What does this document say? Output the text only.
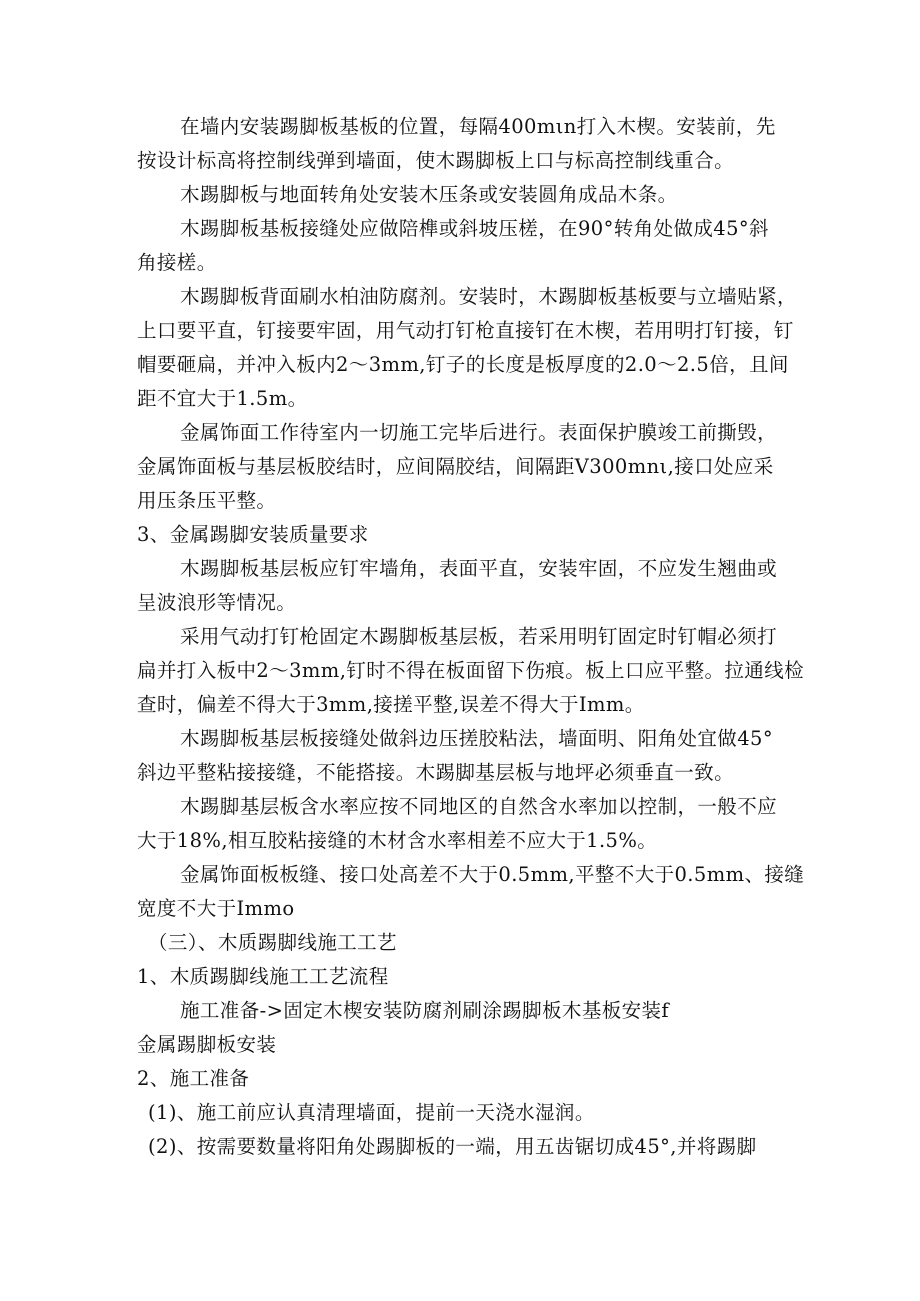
在墙内安装踢脚板基板的位置，每隔400mιn打入木楔。安装前，先
按设计标高将控制线弹到墙面，使木踢脚板上口与标高控制线重合。
木踢脚板与地面转角处安装木压条或安装圆角成品木条。
木踢脚板基板接缝处应做陪榫或斜坡压槎，在90°转角处做成45°斜
角接槎。
木踢脚板背面刷水柏油防腐剂。安装时，木踢脚板基板要与立墙贴紧，
上口要平直，钉接要牢固，用气动打钉枪直接钉在木楔，若用明打钉接，钉
帽要砸扁，并冲入板内2～3mm,钉子的长度是板厚度的2.0～2.5倍，且间
距不宜大于1.5m。
金属饰面工作待室内一切施工完毕后进行。表面保护膜竣工前撕毁，
金属饰面板与基层板胶结时，应间隔胶结，间隔距V300mnι,接口处应采
用压条压平整。
3、金属踢脚安装质量要求
木踢脚板基层板应钉牢墙角，表面平直，安装牢固，不应发生翘曲或
呈波浪形等情况。
采用气动打钉枪固定木踢脚板基层板，若采用明钉固定时钉帽必须打
扁并打入板中2～3mm,钉时不得在板面留下伤痕。板上口应平整。拉通线检
查时，偏差不得大于3mm,接搓平整,误差不得大于Imm。
木踢脚板基层板接缝处做斜边压搓胶粘法，墙面明、阳角处宜做45°
斜边平整粘接接缝，不能搭接。木踢脚基层板与地坪必须垂直一致。
木踢脚基层板含水率应按不同地区的自然含水率加以控制，一般不应
大于18%,相互胶粘接缝的木材含水率相差不应大于1.5%。
金属饰面板板缝、接口处高差不大于0.5mm,平整不大于0.5mm、接缝
宽度不大于Immo
（三）、木质踢脚线施工工艺
1、木质踢脚线施工工艺流程
施工准备->固定木楔安装防腐剂刷涂踢脚板木基板安装f
金属踢脚板安装
2、施工准备
(1)、施工前应认真清理墙面，提前一天浇水湿润。
(2)、按需要数量将阳角处踢脚板的一端，用五齿锯切成45°,并将踢脚
